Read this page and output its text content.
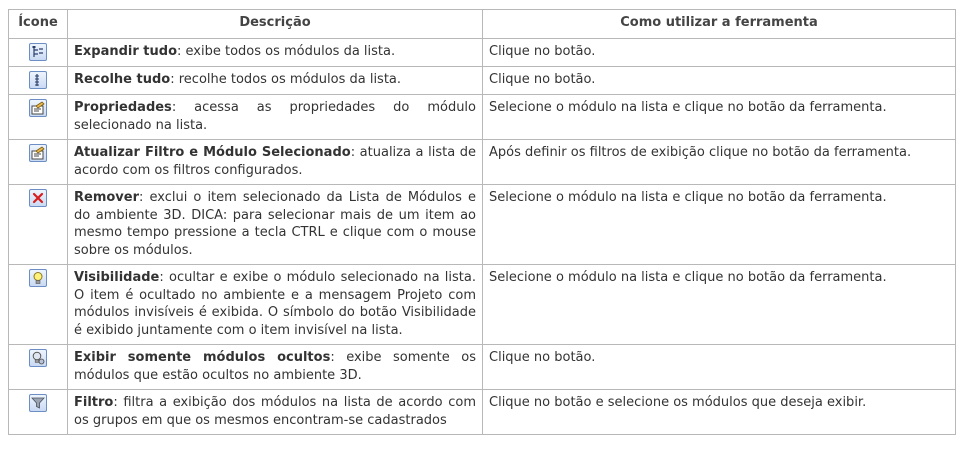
Ícone	Descrição	Como utilizar a ferramenta

	Expandir tudo: exibe todos os módulos da lista.	Clique no botão.

	Recolhe tudo: recolhe todos os módulos da lista.	Clique no botão.

	Propriedades: acessa as propriedades do módulo selecionado na lista.	Selecione o módulo na lista e clique no botão da ferramenta.

	Atualizar Filtro e Módulo Selecionado: atualiza a lista de acordo com os filtros configurados.	Após definir os filtros de exibição clique no botão da ferramenta.

	Remover: exclui o item selecionado da Lista de Módulos e do ambiente 3D. DICA: para selecionar mais de um item ao mesmo tempo pressione a tecla CTRL e clique com o mouse sobre os módulos.	Selecione o módulo na lista e clique no botão da ferramenta.

	Visibilidade: ocultar e exibe o módulo selecionado na lista. O item é ocultado no ambiente e a mensagem Projeto com módulos invisíveis é exibida. O símbolo do botão Visibilidade é exibido juntamente com o item invisível na lista.	Selecione o módulo na lista e clique no botão da ferramenta.

	Exibir somente módulos ocultos: exibe somente os módulos que estão ocultos no ambiente 3D.	Clique no botão.

	Filtro: filtra a exibição dos módulos na lista de acordo com os grupos em que os mesmos encontram-se cadastrados	Clique no botão e selecione os módulos que deseja exibir.
